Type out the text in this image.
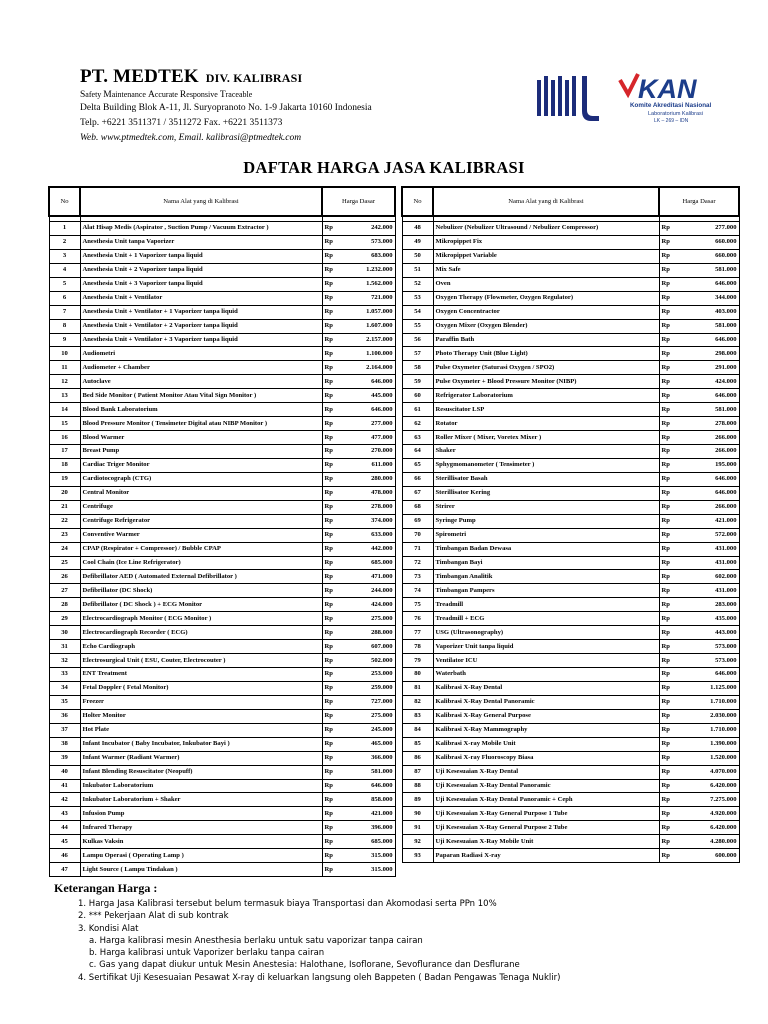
PT. MEDTEK DIV. KALIBRASI
Safety Maintenance Accurate Responsive Traceable
Delta Building Blok A-11, Jl. Suryopranoto No. 1-9 Jakarta 10160 Indonesia
Telp. +6221 3511371 / 3511272 Fax. +6221 3511373
Web. www.ptmedtek.com, Email. kalibrasi@ptmedtek.com
KAN
Komite Akreditasi Nasional
Laboratorium Kalibrasi
LK – 269 – IDN
DAFTAR HARGA JASA KALIBRASI
No	Nama Alat yang di Kalibrasi	Harga Dasar	

1	Alat Hisap Medis (Aspirator , Suction Pump / Vacuum Extractor )	Rp	242.000
2	Anesthesia Unit tanpa Vaporizer	Rp	573.000
3	Anesthesia Unit + 1 Vaporizer tanpa liquid	Rp	683.000
4	Anesthesia Unit + 2 Vaporizer tanpa liquid	Rp	1.232.000
5	Anesthesia Unit + 3 Vaporizer tanpa liquid	Rp	1.562.000
6	Anesthesia Unit + Ventilator	Rp	721.000
7	Anesthesia Unit + Ventilator + 1 Vaporizer tanpa liquid	Rp	1.057.000
8	Anesthesia Unit + Ventilator + 2 Vaporizer tanpa liquid	Rp	1.607.000
9	Anesthesia Unit + Ventilator + 3 Vaporizer tanpa liquid	Rp	2.157.000
10	Audiometri	Rp	1.100.000
11	Audiometer + Chamber	Rp	2.164.000
12	Autoclave	Rp	646.000
13	Bed Side Monitor ( Patient Monitor Atau Vital Sign Monitor )	Rp	445.000
14	Blood Bank Laboratorium	Rp	646.000
15	Blood Pressure Monitor ( Tensimeter Digital atau NIBP Monitor )	Rp	277.000
16	Blood Warmer	Rp	477.000
17	Breast Pump	Rp	270.000
18	Cardiac Triger Monitor	Rp	611.000
19	Cardiotocograph (CTG)	Rp	280.000
20	Central Monitor	Rp	478.000
21	Centrifuge	Rp	278.000
22	Centrifuge Refrigerator	Rp	374.000
23	Conventive Warmer	Rp	633.000
24	CPAP (Respirator + Compressor) / Bubble CPAP	Rp	442.000
25	Cool Chain (Ice Line Refrigerator)	Rp	685.000
26	Defibrillator AED ( Automated External Defibrillator )	Rp	471.000
27	Defibrillator (DC Shock)	Rp	244.000
28	Defibrillator ( DC Shock ) + ECG Monitor	Rp	424.000
29	Electrocardiograph Monitor ( ECG Monitor )	Rp	275.000
30	Electrocardiograph Recorder ( ECG)	Rp	288.000
31	Echo Cardiograph	Rp	607.000
32	Electrosurgical Unit ( ESU, Couter, Electrocouter )	Rp	502.000
33	ENT Treatment	Rp	253.000
34	Fetal Doppler ( Fetal Monitor)	Rp	259.000
35	Freezer	Rp	727.000
36	Holter Monitor	Rp	275.000
37	Hot Plate	Rp	245.000
38	Infant Incubator ( Baby Incubator, Inkubator Bayi )	Rp	465.000
39	Infant Warmer (Radiant Warmer)	Rp	366.000
40	Infant Blending Resuscitator (Neopuff)	Rp	581.000
41	Inkubator Laboratorium	Rp	646.000
42	Inkubator Laboratorium + Shaker	Rp	858.000
43	Infusion Pump	Rp	421.000
44	Infrared Therapy	Rp	396.000
45	Kulkas Vaksin	Rp	685.000
46	Lampu Operasi ( Operating Lamp )	Rp	315.000
47	Light Source ( Lampu Tindakan )	Rp	315.000
No	Nama Alat yang di Kalibrasi	Harga Dasar	

48	Nebulizer (Nebulizer Ultrasound / Nebulizer Compressor)	Rp	277.000
49	Mikropippet Fix	Rp	660.000
50	Mikropippet Variable	Rp	660.000
51	Mix Safe	Rp	581.000
52	Oven	Rp	646.000
53	Oxygen Therapy (Flowmeter, Ozygen Regulator)	Rp	344.000
54	Oxygen Concentractor	Rp	403.000
55	Oxygen Mixer (Oxygen Blender)	Rp	581.000
56	Paraffin Bath	Rp	646.000
57	Photo Therapy Unit (Blue Light)	Rp	298.000
58	Pulse Oxymeter (Saturasi Oxygen / SPO2)	Rp	291.000
59	Pulse Oxymeter + Blood Pressure Monitor (NIBP)	Rp	424.000
60	Refrigerator Laboratorium	Rp	646.000
61	Resuscitator LSP	Rp	581.000
62	Rotator	Rp	278.000
63	Roller Mixer ( Mixer, Voretex Mixer )	Rp	266.000
64	Shaker	Rp	266.000
65	Sphygmomanometer ( Tensimeter )	Rp	195.000
66	Sterillisator Basah	Rp	646.000
67	Sterillisator Kering	Rp	646.000
68	Strirer	Rp	266.000
69	Syringe Pump	Rp	421.000
70	Spirometri	Rp	572.000
71	Timbangan Badan Dewasa	Rp	431.000
72	Timbangan Bayi	Rp	431.000
73	Timbangan Analitik	Rp	602.000
74	Timbangan Pampers	Rp	431.000
75	Treadmill	Rp	283.000
76	Treadmill + ECG	Rp	435.000
77	USG (Ultrasonography)	Rp	443.000
78	Vaporizer Unit tanpa liquid	Rp	573.000
79	Ventilator ICU	Rp	573.000
80	Waterbath	Rp	646.000
81	Kalibrasi X-Ray Dental	Rp	1.125.000
82	Kalibrasi X-Ray Dental Panoramic	Rp	1.710.000
83	Kalibrasi X-Ray General Purpose	Rp	2.030.000
84	Kalibrasi X-Ray Mammography	Rp	1.710.000
85	Kalibrasi X-ray Mobile Unit	Rp	1.390.000
86	Kalibrasi X-ray Fluoroscopy Biasa	Rp	1.520.000
87	Uji Kesesuaian X-Ray Dental	Rp	4.070.000
88	Uji Kesesuaian X-Ray Dental Panoramic	Rp	6.420.000
89	Uji Kesesuaian X-Ray Dental Panoramic + Ceph	Rp	7.275.000
90	Uji Kesesuaian X-Ray General Purpose 1 Tube	Rp	4.920.000
91	Uji Kesesuaian X-Ray General Purpose 2 Tube	Rp	6.420.000
92	Uji Kesesuaian X-Ray Mobile Unit	Rp	4.280.000
93	Paparan Radiasi X-ray	Rp	600.000
Keterangan Harga :
1. Harga Jasa Kalibrasi tersebut belum termasuk biaya Transportasi dan Akomodasi serta PPn 10%
2. *** Pekerjaan Alat di sub kontrak
3. Kondisi Alat
a. Harga kalibrasi mesin Anesthesia berlaku untuk satu vaporizar tanpa cairan
b. Harga kalibrasi untuk Vaporizer berlaku tanpa cairan
c. Gas yang dapat diukur untuk Mesin Anestesia: Halothane, Isoflorane, Sevoflurance dan Desflurane
4. Sertifikat Uji Kesesuaian Pesawat X-ray di keluarkan langsung oleh Bappeten ( Badan Pengawas Tenaga Nuklir)
